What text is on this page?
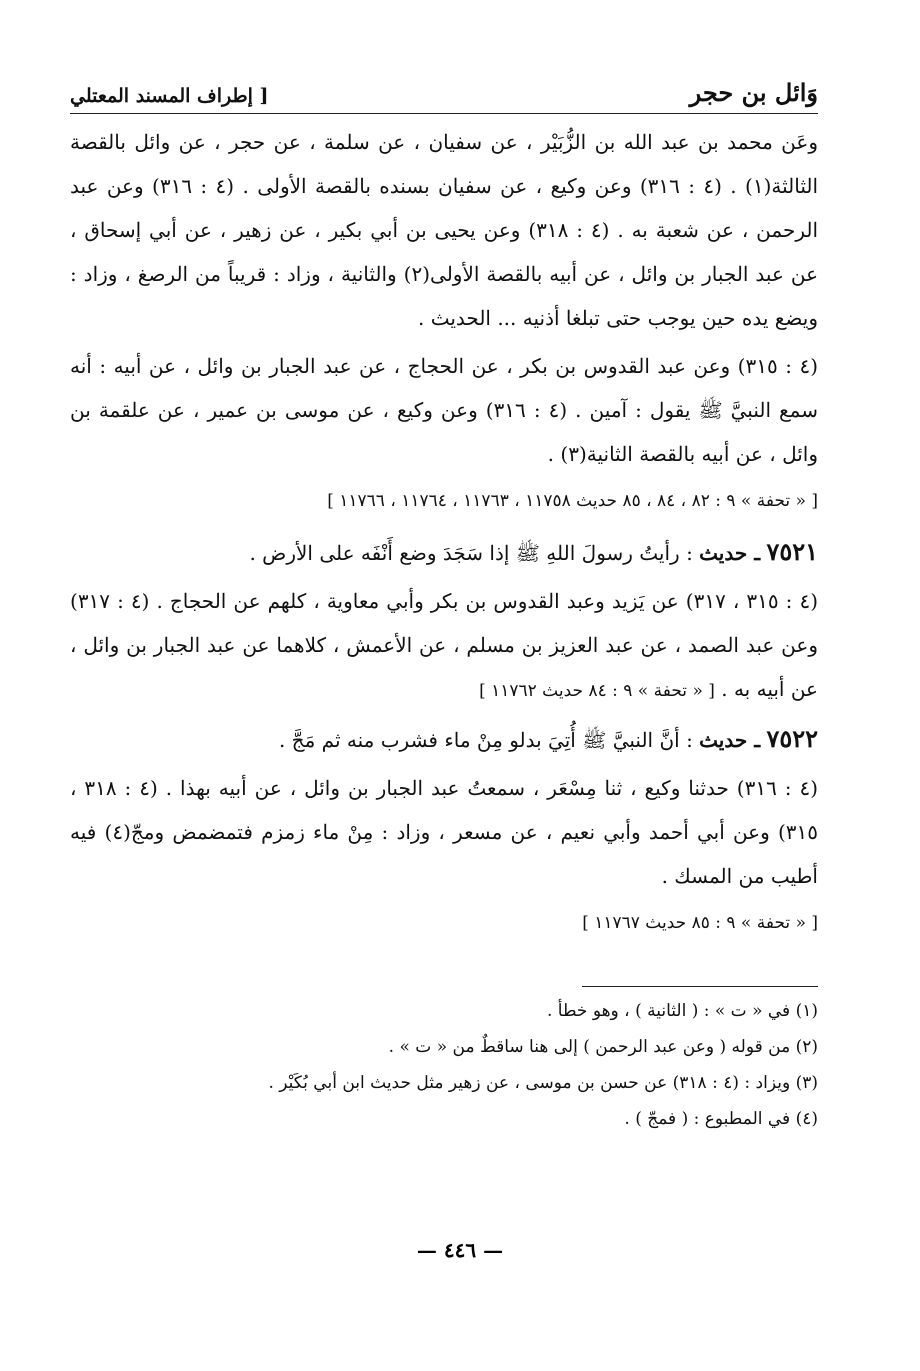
وَائل بن حجر
[ إطراف المسند المعتلي

وعَن محمد بن عبد الله بن الزُّبَيْر ، عن سفيان ، عن سلمة ، عن حجر ، عن وائل بالقصة الثالثة(١) . (٤ : ٣١٦) وعن وكيع ، عن سفيان بسنده بالقصة الأولى . (٤ : ٣١٦) وعن عبد الرحمن ، عن شعبة به . (٤ : ٣١٨) وعن يحيى بن أبي بكير ، عن زهير ، عن أبي إسحاق ، عن عبد الجبار بن وائل ، عن أبيه بالقصة الأولى(٢) والثانية ، وزاد : قريباً من الرصغ ، وزاد : ويضع يده حين يوجب حتى تبلغا أذنيه ... الحديث .

(٤ : ٣١٥) وعن عبد القدوس بن بكر ، عن الحجاج ، عن عبد الجبار بن وائل ، عن أبيه : أنه سمع النبيَّ ﷺ يقول : آمين . (٤ : ٣١٦) وعن وكيع ، عن موسى بن عمير ، عن علقمة بن وائل ، عن أبيه بالقصة الثانية(٣) .

[ « تحفة » ٩ : ٨٢ ، ٨٤ ، ٨٥ حديث ١١٧٥٨ ، ١١٧٦٣ ، ١١٧٦٤ ، ١١٧٦٦ ]

٧٥٢١ ـ حديث : رأيتُ رسولَ اللهِ ﷺ إذا سَجَدَ وضع أَنْفَه على الأرض .

(٤ : ٣١٥ ، ٣١٧) عن يَزيد وعبد القدوس بن بكر وأبي معاوية ، كلهم عن الحجاج . (٤ : ٣١٧) وعن عبد الصمد ، عن عبد العزيز بن مسلم ، عن الأعمش ، كلاهما عن عبد الجبار بن وائل ، عن أبيه به . [ « تحفة » ٩ : ٨٤ حديث ١١٧٦٢ ]

٧٥٢٢ ـ حديث : أنَّ النبيَّ ﷺ أُتِيَ بدلو مِنْ ماء فشرب منه ثم مَجَّ .

(٤ : ٣١٦) حدثنا وكيع ، ثنا مِسْعَر ، سمعتُ عبد الجبار بن وائل ، عن أبيه بهذا . (٤ : ٣١٨ ، ٣١٥) وعن أبي أحمد وأبي نعيم ، عن مسعر ، وزاد : مِنْ ماء زمزم فتمضمض ومجّ(٤) فيه أطيب من المسك .

[ « تحفة » ٩ : ٨٥ حديث ١١٧٦٧ ]
(١) في « ت » : ( الثانية ) ، وهو خطأ .
(٢) من قوله ( وعن عبد الرحمن ) إلى هنا ساقطٌ من « ت » .
(٣) ويزاد : (٤ : ٣١٨) عن حسن بن موسى ، عن زهير مثل حديث ابن أبي بُكَيْر .
(٤) في المطبوع : ( فمجّ ) .
— ٤٤٦ —
